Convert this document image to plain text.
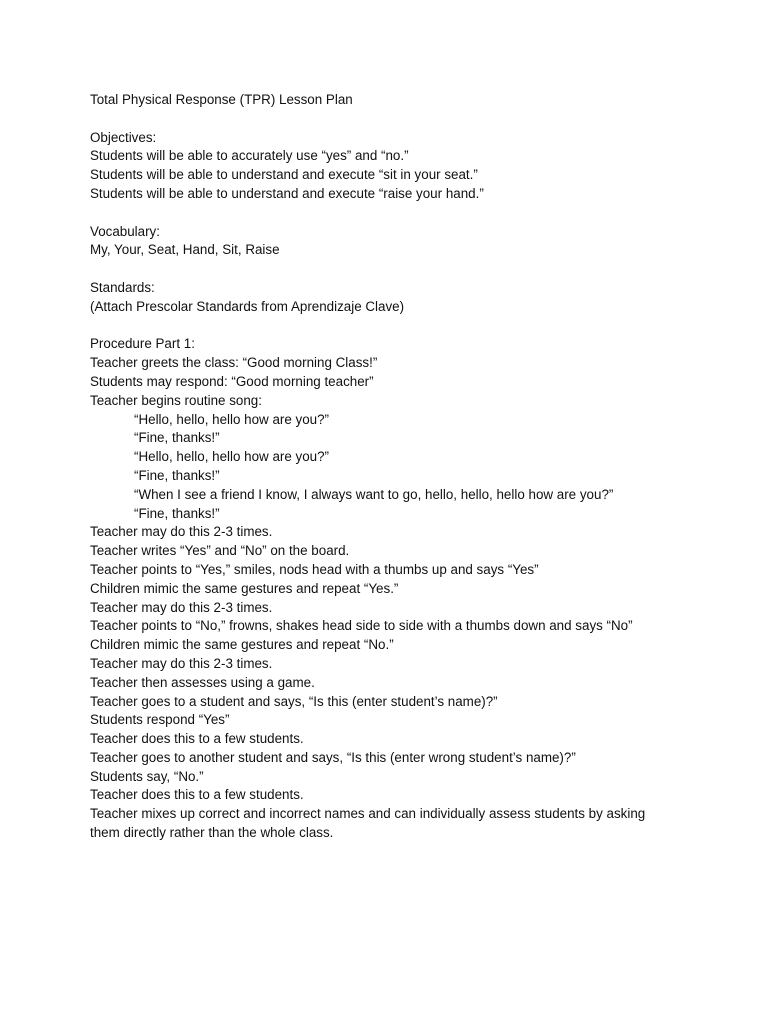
Total Physical Response (TPR) Lesson Plan
Objectives:
Students will be able to accurately use “yes” and “no.”
Students will be able to understand and execute “sit in your seat.”
Students will be able to understand and execute “raise your hand.”
Vocabulary:
My, Your, Seat, Hand, Sit, Raise
Standards:
(Attach Prescolar Standards from Aprendizaje Clave)
Procedure Part 1:
Teacher greets the class: “Good morning Class!”
Students may respond: “Good morning teacher”
Teacher begins routine song:
“Hello, hello, hello how are you?”
“Fine, thanks!”
“Hello, hello, hello how are you?”
“Fine, thanks!”
“When I see a friend I know, I always want to go, hello, hello, hello how are you?”
“Fine, thanks!”
Teacher may do this 2-3 times.
Teacher writes “Yes” and “No” on the board.
Teacher points to “Yes,” smiles, nods head with a thumbs up and says “Yes”
Children mimic the same gestures and repeat “Yes.”
Teacher may do this 2-3 times.
Teacher points to “No,” frowns, shakes head side to side with a thumbs down and says “No”
Children mimic the same gestures and repeat “No.”
Teacher may do this 2-3 times.
Teacher then assesses using a game.
Teacher goes to a student and says, “Is this (enter student’s name)?”
Students respond “Yes”
Teacher does this to a few students.
Teacher goes to another student and says, “Is this (enter wrong student’s name)?”
Students say, “No.”
Teacher does this to a few students.
Teacher mixes up correct and incorrect names and can individually assess students by asking them directly rather than the whole class.
